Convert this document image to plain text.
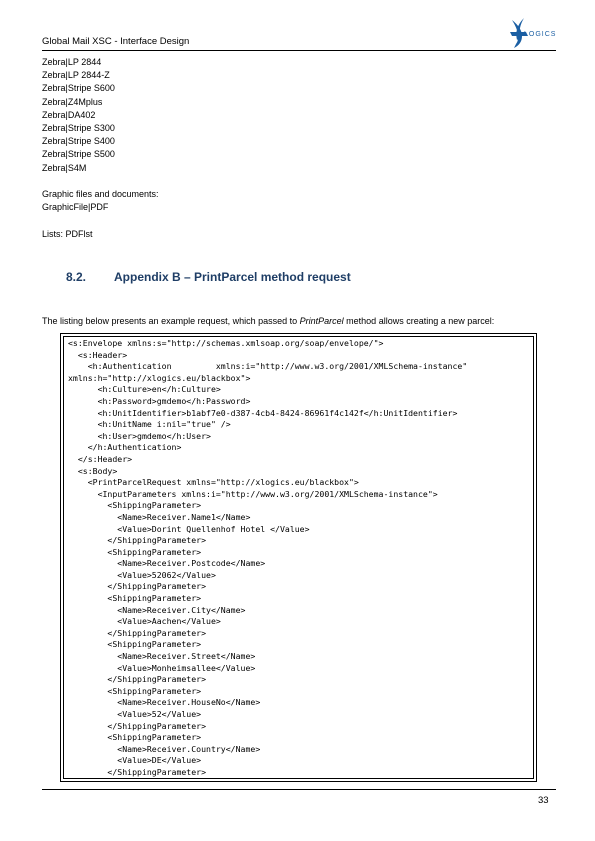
Global Mail XSC - Interface Design
LOGICS
Zebra|LP 2844
Zebra|LP 2844-Z
Zebra|Stripe S600
Zebra|Z4Mplus
Zebra|DA402
Zebra|Stripe S300
Zebra|Stripe S400
Zebra|Stripe S500
Zebra|S4M
Graphic files and documents:
GraphicFile|PDF
Lists: PDFlst
8.2. Appendix B – PrintParcel method request
The listing below presents an example request, which passed to PrintParcel method allows creating a new parcel:
<s:Envelope xmlns:s="http://schemas.xmlsoap.org/soap/envelope/">
<s:Header>
<h:Authentication         xmlns:i="http://www.w3.org/2001/XMLSchema-instance"
xmlns:h="http://xlogics.eu/blackbox">
<h:Culture>en</h:Culture>
<h:Password>gmdemo</h:Password>
<h:UnitIdentifier>b1abf7e0-d387-4cb4-8424-86961f4c142f</h:UnitIdentifier>
<h:UnitName i:nil="true" />
<h:User>gmdemo</h:User>
</h:Authentication>
</s:Header>
<s:Body>
<PrintParcelRequest xmlns="http://xlogics.eu/blackbox">
<InputParameters xmlns:i="http://www.w3.org/2001/XMLSchema-instance">
<ShippingParameter>
<Name>Receiver.Name1</Name>
<Value>Dorint Quellenhof Hotel </Value>
</ShippingParameter>
<ShippingParameter>
<Name>Receiver.Postcode</Name>
<Value>52062</Value>
</ShippingParameter>
<ShippingParameter>
<Name>Receiver.City</Name>
<Value>Aachen</Value>
</ShippingParameter>
<ShippingParameter>
<Name>Receiver.Street</Name>
<Value>Monheimsallee</Value>
</ShippingParameter>
<ShippingParameter>
<Name>Receiver.HouseNo</Name>
<Value>52</Value>
</ShippingParameter>
<ShippingParameter>
<Name>Receiver.Country</Name>
<Value>DE</Value>
</ShippingParameter>
33
